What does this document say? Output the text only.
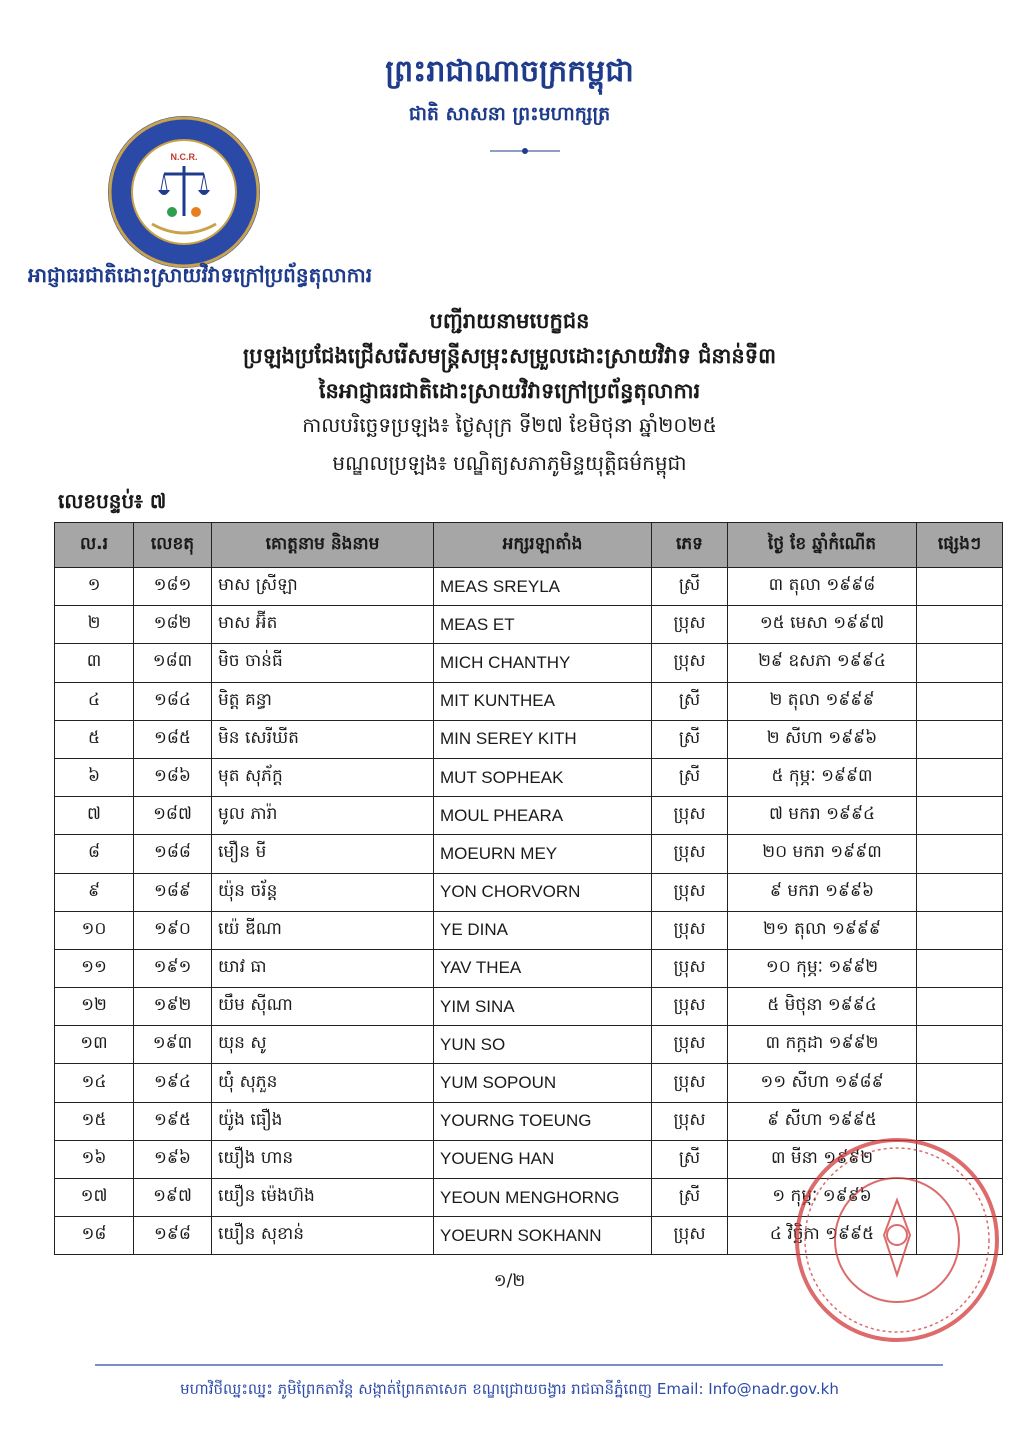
ព្រះរាជាណាចក្រកម្ពុជា
ជាតិ សាសនា ព្រះមហាក្សត្រ
N.C.R.
អាជ្ញាធរជាតិដោះស្រាយវិវាទក្រៅប្រព័ន្ធតុលាការ
បញ្ជីរាយនាមបេក្ខជន
ប្រឡងប្រជែងជ្រើសរើសមន្ត្រីសម្រុះសម្រួលដោះស្រាយវិវាទ ជំនាន់ទី៣
នៃអាជ្ញាធរជាតិដោះស្រាយវិវាទក្រៅប្រព័ន្ធតុលាការ
កាលបរិច្ឆេទប្រឡង៖ ថ្ងៃសុក្រ ទី២៧ ខែមិថុនា ឆ្នាំ២០២៥
មណ្ឌលប្រឡង៖ បណ្ឌិត្យសភាភូមិន្ទយុត្តិធម៌កម្ពុជា
លេខបន្ទប់៖ ៧
ល.រ	លេខតុ	គោត្តនាម និងនាម	អក្សរឡាតាំង	ភេទ	ថ្ងៃ ខែ ឆ្នាំកំណើត	ផ្សេងៗ
១	១៨១	មាស ស្រីឡា	MEAS SREYLA	ស្រី	៣ តុលា ១៩៩៨	
២	១៨២	មាស អ៊ីត	MEAS ET	ប្រុស	១៥ មេសា ១៩៩៧	
៣	១៨៣	មិច ចាន់ធី	MICH CHANTHY	ប្រុស	២៩ ឧសភា ១៩៩៤	
៤	១៨៤	មិត្ត គន្ធា	MIT KUNTHEA	ស្រី	២ តុលា ១៩៩៩	
៥	១៨៥	មិន សេរីឃីត	MIN SEREY KITH	ស្រី	២ សីហា ១៩៩៦	
៦	១៨៦	មុត សុភ័ក្ត	MUT SOPHEAK	ស្រី	៥ កុម្ភៈ ១៩៩៣	
៧	១៨៧	មូល ភារ៉ា	MOUL PHEARA	ប្រុស	៧ មករា ១៩៩៤	
៨	១៨៨	មឿន មី	MOEURN MEY	ប្រុស	២០ មករា ១៩៩៣	
៩	១៨៩	យ៉ុន ចរ័ន្ត	YON CHORVORN	ប្រុស	៩ មករា ១៩៩៦	
១០	១៩០	យ៉េ ឌីណា	YE DINA	ប្រុស	២១ តុលា ១៩៩៩	
១១	១៩១	យាវ ធា	YAV THEA	ប្រុស	១០ កុម្ភៈ ១៩៩២	
១២	១៩២	យឹម ស៊ីណា	YIM SINA	ប្រុស	៥ មិថុនា ១៩៩៤	
១៣	១៩៣	យុន សូ	YUN SO	ប្រុស	៣ កក្កដា ១៩៩២	
១៤	១៩៤	យ៉ុំ សុភួន	YUM SOPOUN	ប្រុស	១១ សីហា ១៩៨៩	
១៥	១៩៥	យ៉ូង ធឿង	YOURNG TOEUNG	ប្រុស	៩ សីហា ១៩៩៥	
១៦	១៩៦	យឿង ហាន	YOUENG HAN	ស្រី	៣ មីនា ១៩៩២	
១៧	១៩៧	យឿន ម៉េងហ៊ង	YEOUN MENGHORNG	ស្រី	១ កុម្ភៈ ១៩៩៦	
១៨	១៩៨	យឿន សុខាន់	YOEURN SOKHANN	ប្រុស	៤ វិច្ឆិកា ១៩៩៥	
១/២
មហាវិថីឈ្នះឈ្នះ ភូមិព្រែកតាវ័ន្ត សង្កាត់ព្រែកតាសេក ខណ្ឌជ្រោយចង្វារ រាជធានីភ្នំពេញ Email: Info@nadr.gov.kh
